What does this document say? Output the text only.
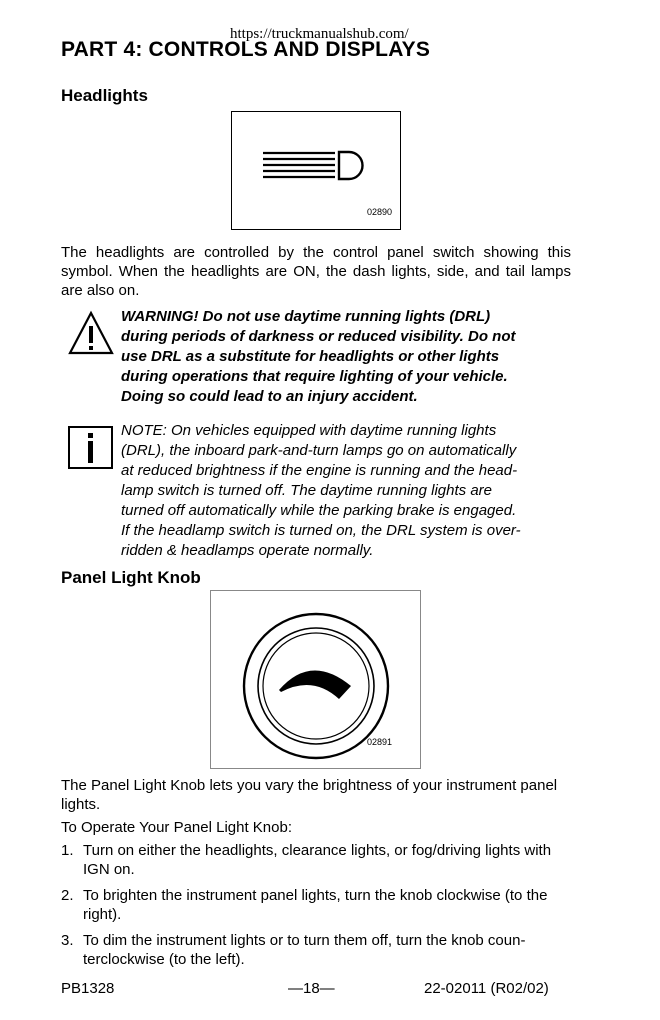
https://truckmanualshub.com/
PART 4: CONTROLS AND DISPLAYS
Headlights
02890
The headlights are controlled by the control panel switch showing this symbol. When the headlights are ON, the dash lights, side, and tail lamps are also on.
WARNING! Do not use daytime running lights (DRL)
during periods of darkness or reduced visibility. Do not
use DRL as a substitute for headlights or other lights
during operations that require lighting of your vehicle.
Doing so could lead to an injury accident.
NOTE: On vehicles equipped with daytime running lights
(DRL), the inboard park-and-turn lamps go on automatically
at reduced brightness if the engine is running and the head-
lamp switch is turned off. The daytime running lights are
turned off automatically while the parking brake is engaged.
If the headlamp switch is turned on, the DRL system is over-
ridden & headlamps operate normally.
Panel Light Knob
02891
The Panel Light Knob lets you vary the brightness of your instrument panel lights.
To Operate Your Panel Light Knob:
1. Turn on either the headlights, clearance lights, or fog/driving lights with IGN on.
2. To brighten the instrument panel lights, turn the knob clockwise (to the right).
3. To dim the instrument lights or to turn them off, turn the knob coun-terclockwise (to the left).
PB1328	—18—	22-02011 (R02/02)
